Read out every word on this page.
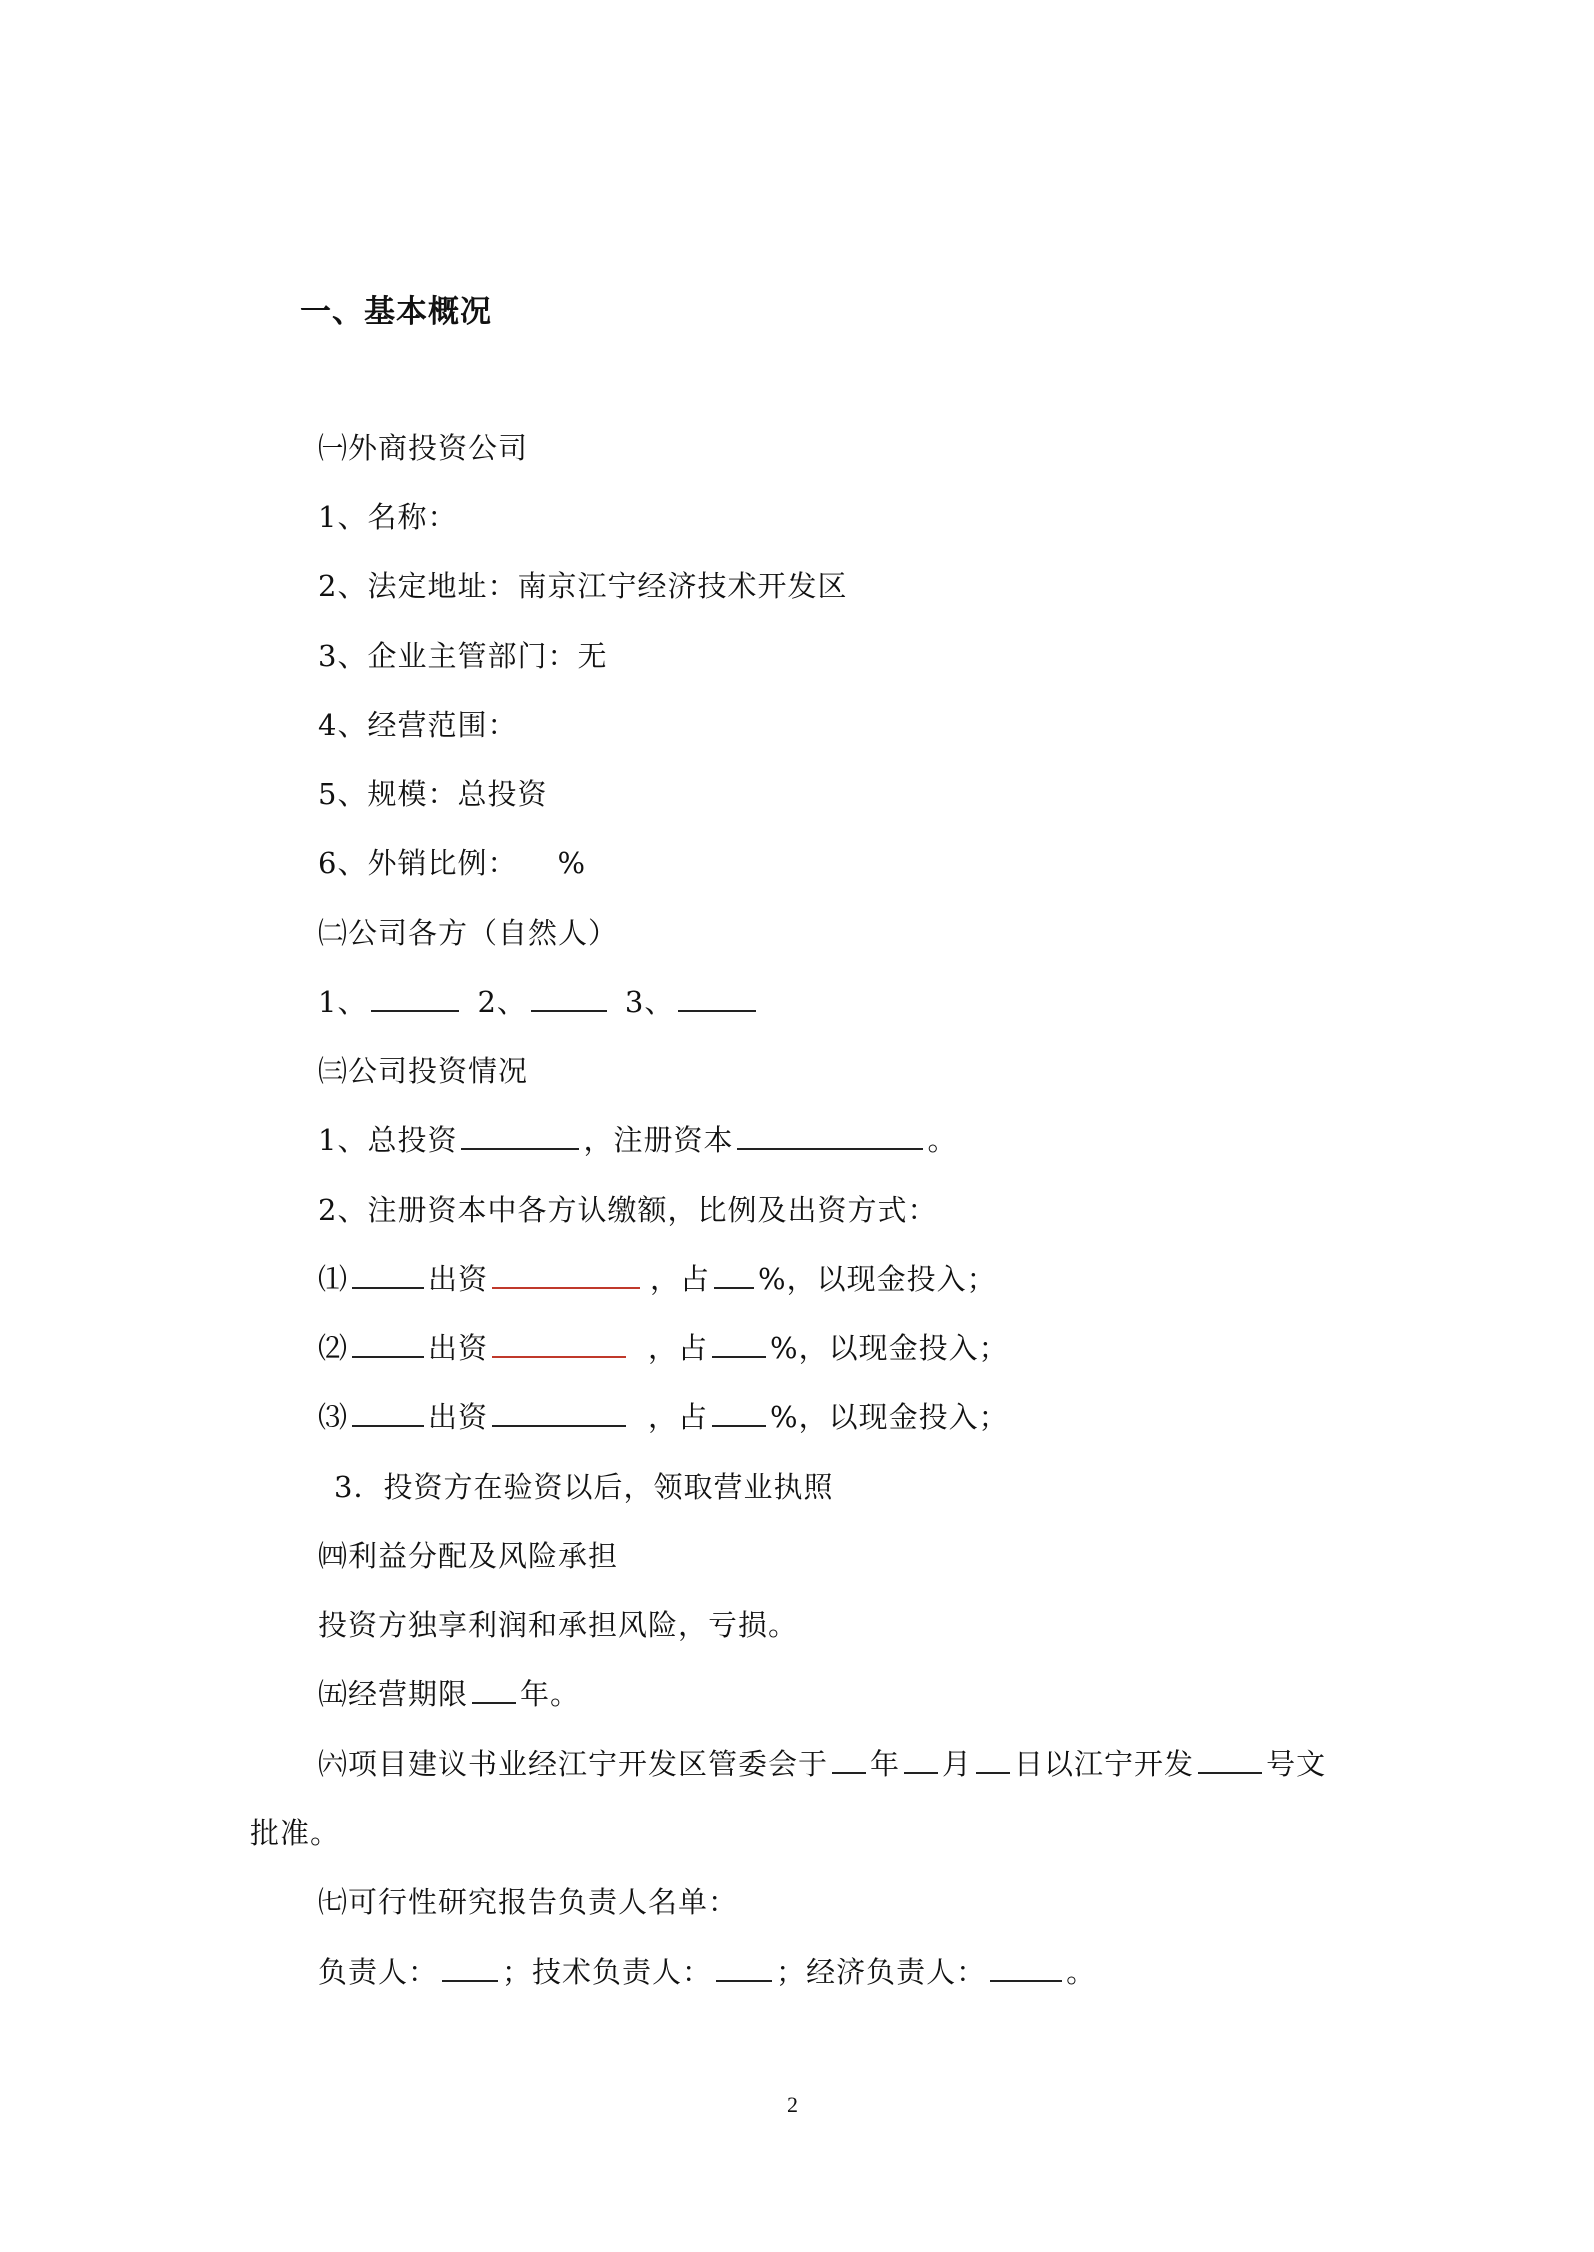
一、基本概况
㈠外商投资公司
1、名称：
2、法定地址：南京江宁经济技术开发区
3、企业主管部门：无
4、经营范围：
5、规模：总投资
6、外销比例： %
㈡公司各方（自然人）
1、	2、	3、
㈢公司投资情况
1、总投资	，注册资本	。
2、注册资本中各方认缴额，比例及出资方式：
⑴	出资	，占 %，以现金投入；
⑵	出资	，占 %，以现金投入；
⑶	出资	，占 %，以现金投入；
3．投资方在验资以后，领取营业执照
㈣利益分配及风险承担
投资方独享利润和承担风险，亏损。
㈤经营期限 年。
㈥项目建议书业经江宁开发区管委会于 年 月 日以江宁开发 号文
批准。
㈦可行性研究报告负责人名单：
负责人： ；技术负责人： ；经济负责人：	。
2
